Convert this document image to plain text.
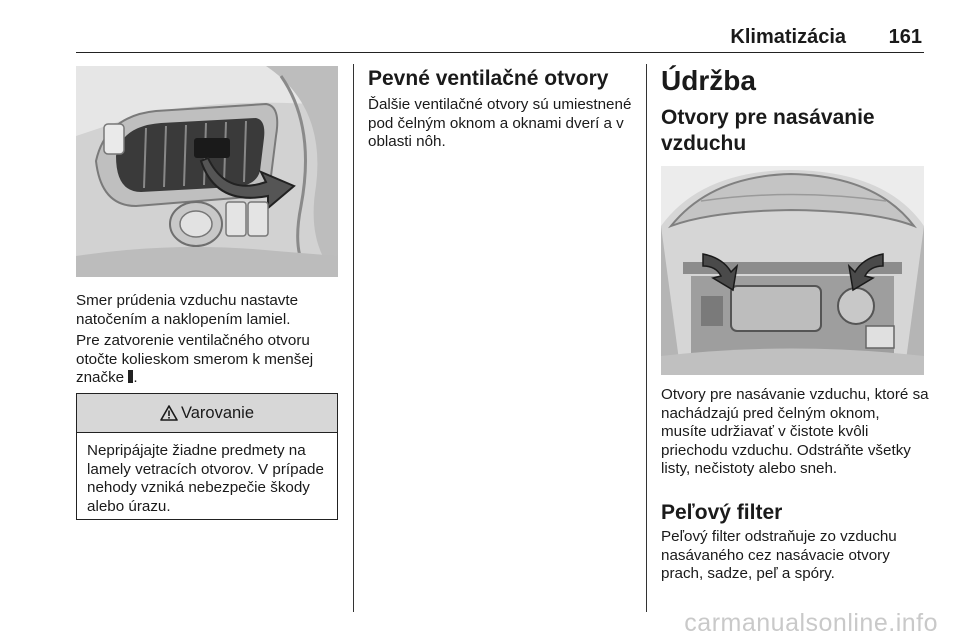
Klimatizácia 161

Smer prúdenia vzduchu nastavte natočením a naklopením lamiel.

Pre zatvorenie ventilačného otvoru otočte kolieskom smerom k menšej značke .

Varovanie
Nepripájajte žiadne predmety na lamely vetracích otvorov. V prípade nehody vzniká nebezpečie škody alebo úrazu.
Pevné ventilačné otvory

Ďalšie ventilačné otvory sú umiestnené pod čelným oknom a oknami dverí a v oblasti nôh.

Údržba
Otvory pre nasávanie vzduchu

Otvory pre nasávanie vzduchu, ktoré sa nachádzajú pred čelným oknom, musíte udržiavať v čistote kvôli priechodu vzduchu. Odstráňte všetky listy, nečistoty alebo sneh.

Peľový filter

Peľový filter odstraňuje zo vzduchu nasávaného cez nasávacie otvory prach, sadze, peľ a spóry.

carmanualsonline.info
